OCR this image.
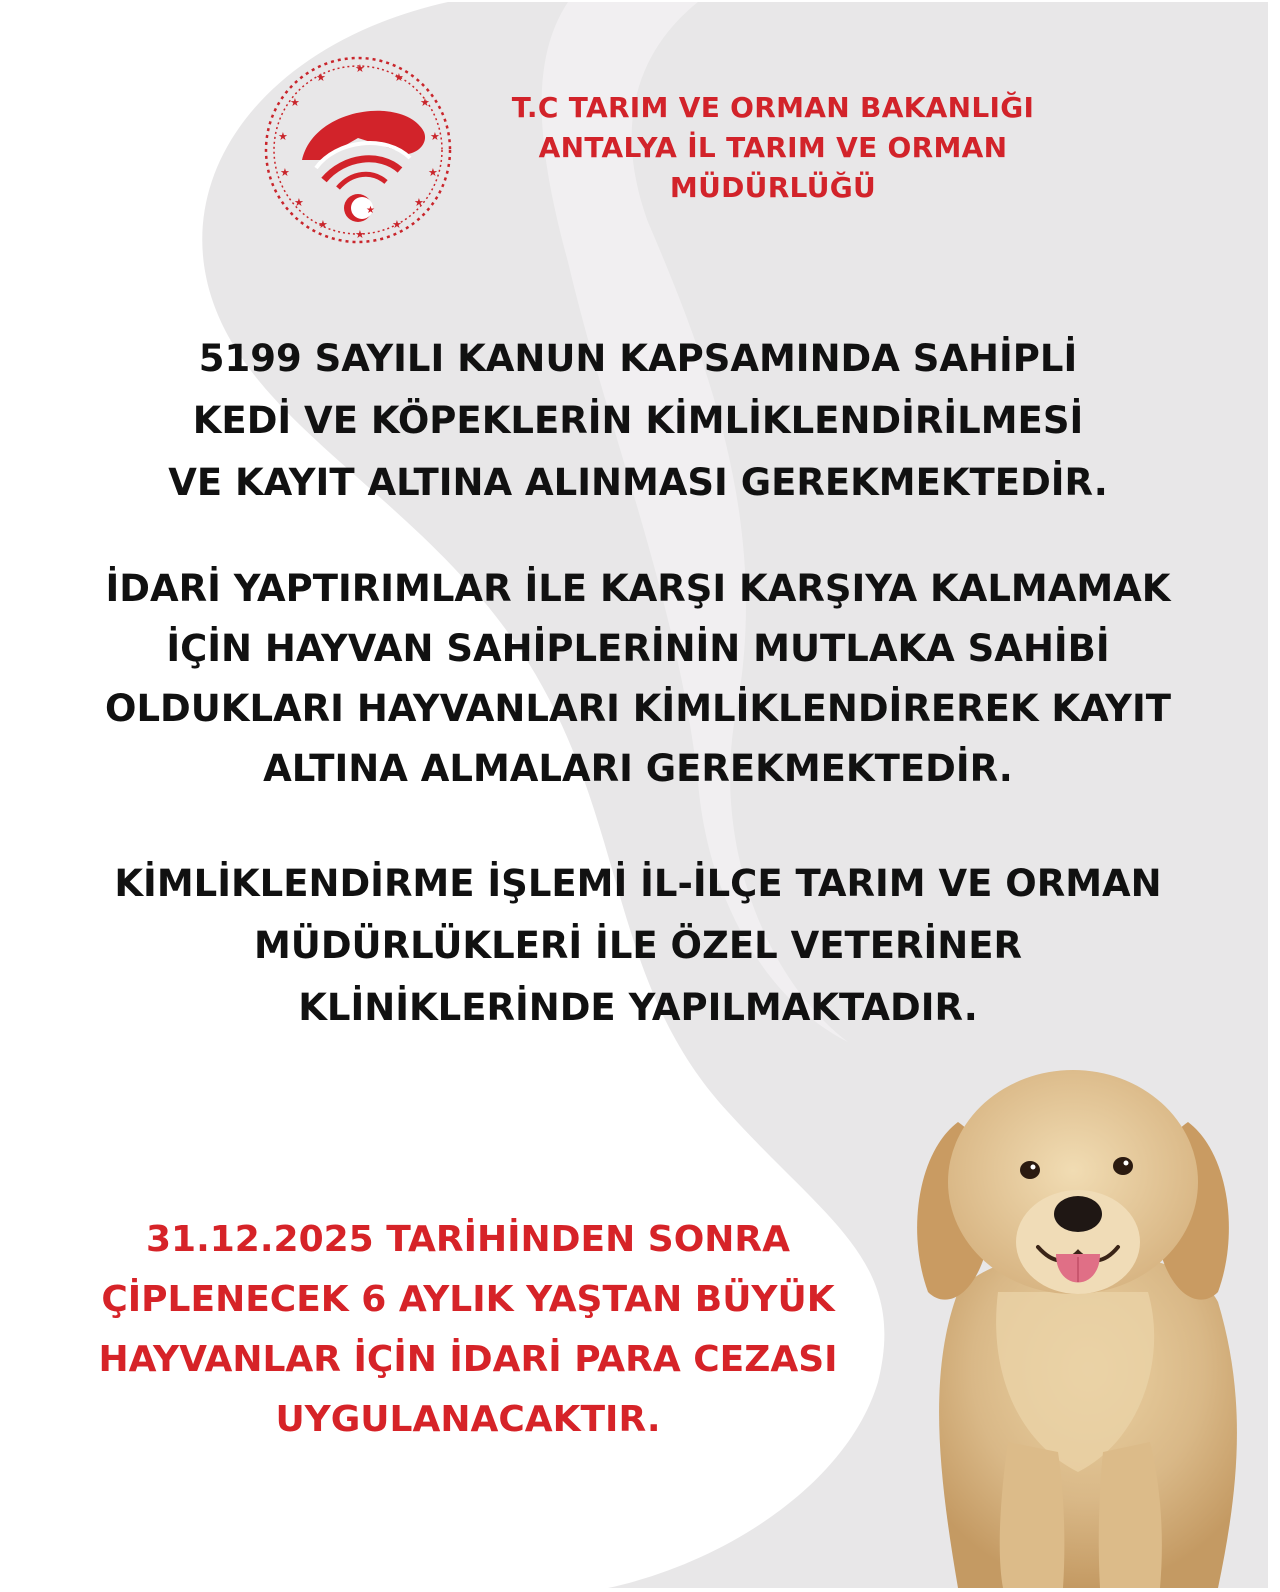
★
★	★
★	★
★	★
★	★
★	★
★	★
★
★
T.C TARIM VE ORMAN BAKANLIĞI
ANTALYA İL TARIM VE ORMAN
MÜDÜRLÜĞÜ
5199 SAYILI KANUN KAPSAMINDA SAHİPLİ
KEDİ VE KÖPEKLERİN KİMLİKLENDİRİLMESİ
VE KAYIT ALTINA ALINMASI GEREKMEKTEDİR.
İDARİ YAPTIRIMLAR İLE KARŞI KARŞIYA KALMAMAK
İÇİN HAYVAN SAHİPLERİNİN MUTLAKA SAHİBİ
OLDUKLARI HAYVANLARI KİMLİKLENDİREREK KAYIT
ALTINA ALMALARI GEREKMEKTEDİR.
KİMLİKLENDİRME İŞLEMİ İL-İLÇE TARIM VE ORMAN
MÜDÜRLÜKLERİ İLE ÖZEL VETERİNER
KLİNİKLERİNDE YAPILMAKTADIR.
31.12.2025 TARİHİNDEN SONRA
ÇİPLENECEK 6 AYLIK YAŞTAN BÜYÜK
HAYVANLAR İÇİN İDARİ PARA CEZASI
UYGULANACAKTIR.
